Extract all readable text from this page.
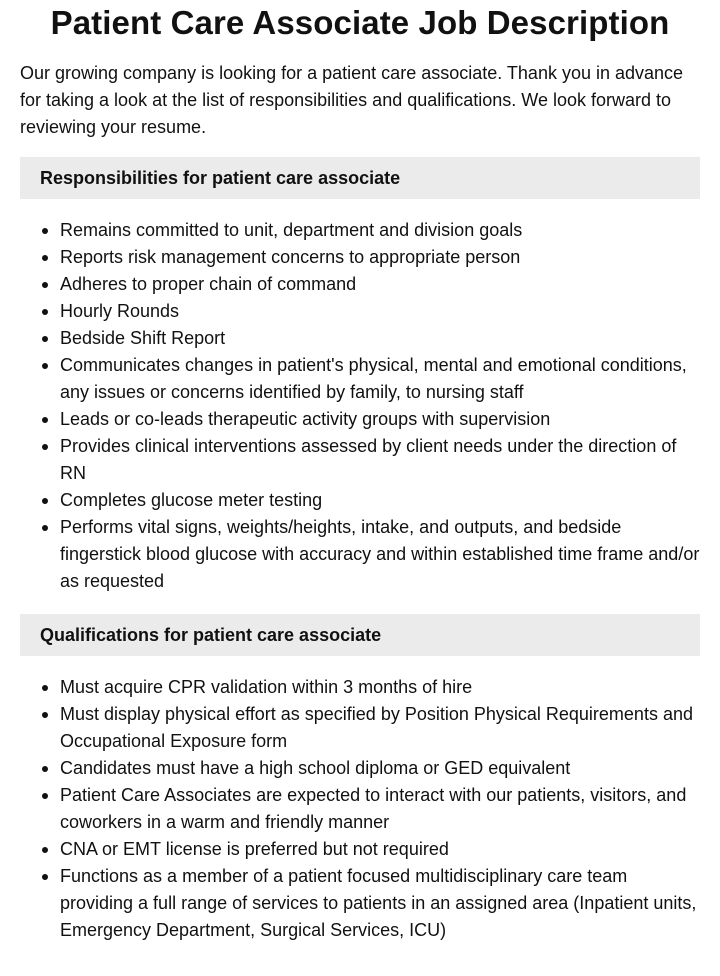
Patient Care Associate Job Description

Our growing company is looking for a patient care associate. Thank you in advance for taking a look at the list of responsibilities and qualifications. We look forward to reviewing your resume.

Responsibilities for patient care associate
Remains committed to unit, department and division goals
Reports risk management concerns to appropriate person
Adheres to proper chain of command
Hourly Rounds
Bedside Shift Report
Communicates changes in patient's physical, mental and emotional conditions, any issues or concerns identified by family, to nursing staff
Leads or co-leads therapeutic activity groups with supervision
Provides clinical interventions assessed by client needs under the direction of RN
Completes glucose meter testing
Performs vital signs, weights/heights, intake, and outputs, and bedside fingerstick blood glucose with accuracy and within established time frame and/or as requested
Qualifications for patient care associate
Must acquire CPR validation within 3 months of hire
Must display physical effort as specified by Position Physical Requirements and Occupational Exposure form
Candidates must have a high school diploma or GED equivalent
Patient Care Associates are expected to interact with our patients, visitors, and coworkers in a warm and friendly manner
CNA or EMT license is preferred but not required
Functions as a member of a patient focused multidisciplinary care team providing a full range of services to patients in an assigned area (Inpatient units, Emergency Department, Surgical Services, ICU)
